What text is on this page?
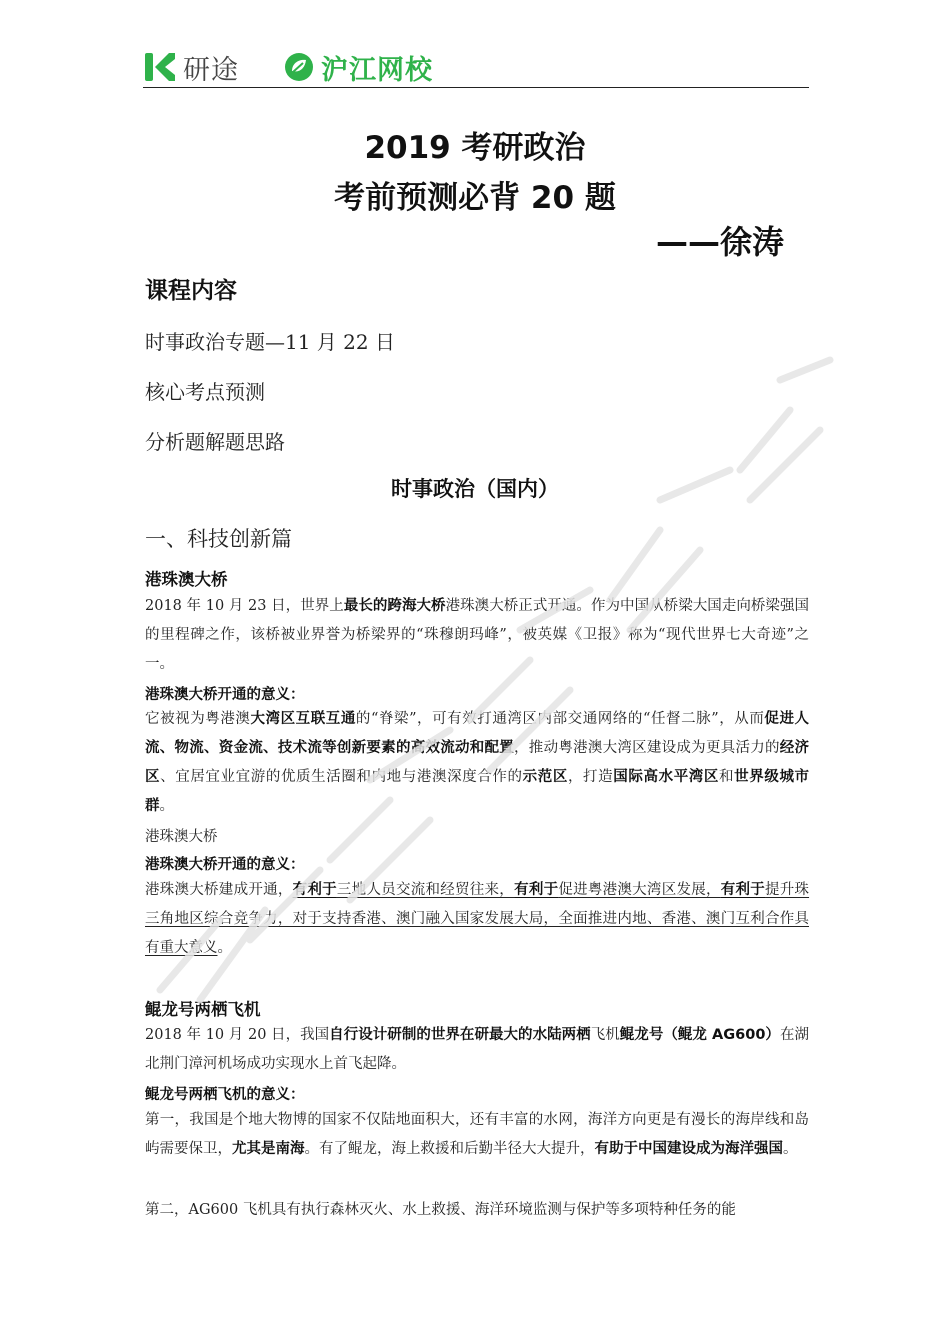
研途	沪江网校
2019 考研政治
考前预测必背 20 题
——徐涛
课程内容
时事政治专题—11 月 22 日
核心考点预测
分析题解题思路
时事政治（国内）
一、科技创新篇
港珠澳大桥
2018 年 10 月 23 日，世界上最长的跨海大桥港珠澳大桥正式开通。作为中国从桥梁大国走向桥梁强国的里程碑之作，该桥被业界誉为桥梁界的“珠穆朗玛峰”，被英媒《卫报》称为“现代世界七大奇迹”之一。
港珠澳大桥开通的意义：
它被视为粤港澳大湾区互联互通的“脊梁”，可有效打通湾区内部交通网络的“任督二脉”，从而促进人流、物流、资金流、技术流等创新要素的高效流动和配置，推动粤港澳大湾区建设成为更具活力的经济区、宜居宜业宜游的优质生活圈和内地与港澳深度合作的示范区，打造国际高水平湾区和世界级城市群。
港珠澳大桥
港珠澳大桥开通的意义：
港珠澳大桥建成开通，有利于三地人员交流和经贸往来，有利于促进粤港澳大湾区发展，有利于提升珠三角地区综合竞争力，对于支持香港、澳门融入国家发展大局，全面推进内地、香港、澳门互利合作具有重大意义。
鲲龙号两栖飞机
2018 年 10 月 20 日，我国自行设计研制的世界在研最大的水陆两栖飞机鲲龙号（鲲龙 AG600）在湖北荆门漳河机场成功实现水上首飞起降。
鲲龙号两栖飞机的意义：
第一，我国是个地大物博的国家不仅陆地面积大，还有丰富的水网，海洋方向更是有漫长的海岸线和岛屿需要保卫，尤其是南海。有了鲲龙，海上救援和后勤半径大大提升，有助于中国建设成为海洋强国。
第二，AG600 飞机具有执行森林灭火、水上救援、海洋环境监测与保护等多项特种任务的能
